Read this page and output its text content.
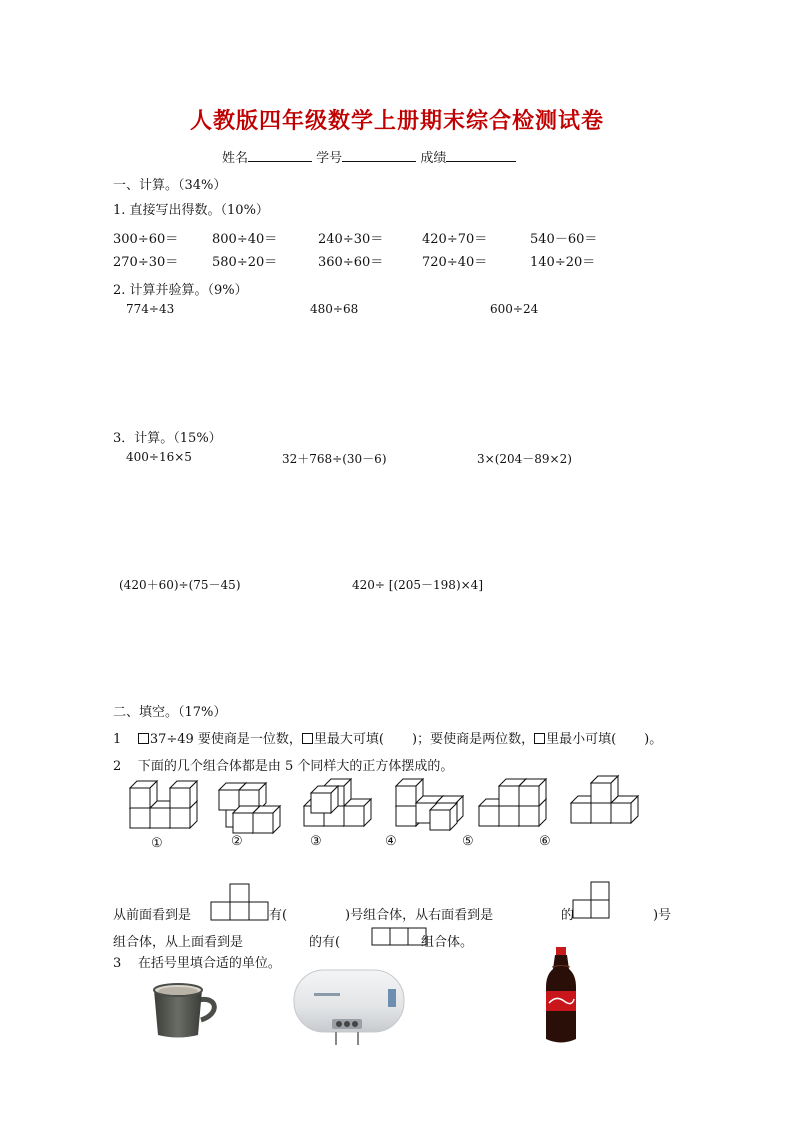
人教版四年级数学上册期末综合检测试卷
姓名	学号	成绩
一、计算。（34%）
1. 直接写出得数。（10%）
300÷60＝	800÷40＝	240÷30＝	420÷70＝	540－60＝
270÷30＝	580÷20＝	360÷60＝	720÷40＝	140÷20＝
2. 计算并验算。（9%）
774÷43	480÷68	600÷24
3．计算。（15%）
400÷16×5	32＋768÷(30－6)	3×(204－89×2)
(420＋60)÷(75－45)	420÷ [(205－198)×4]
二、填空。（17%）
1 37÷49 要使商是一位数， 里最大可填( )；要使商是两位数， 里最小可填( )。
2 下面的几个组合体都是由 5 个同样大的正方体摆成的。
①	②	③	④	⑤	⑥
从前面看到是	有(	)号组合体，从右面看到是	的	)号
组合体，从上面看到是	的有(	组合体。
3 在括号里填合适的单位。
